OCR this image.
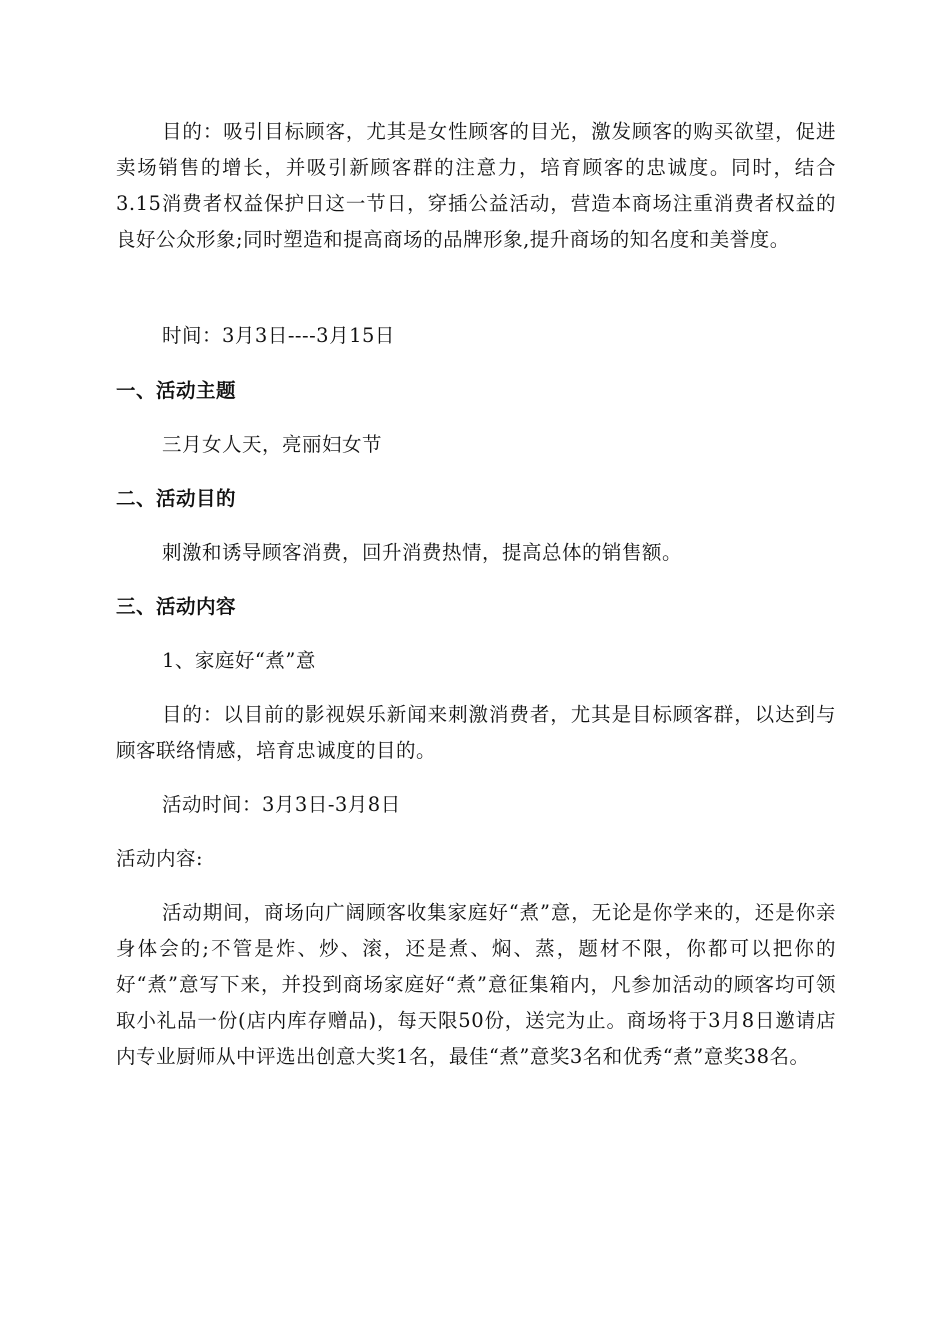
目的：吸引目标顾客，尤其是女性顾客的目光，激发顾客的购买欲望，促进卖场销售的增长，并吸引新顾客群的注意力，培育顾客的忠诚度。同时，结合3.15消费者权益保护日这一节日，穿插公益活动，营造本商场注重消费者权益的良好公众形象;同时塑造和提高商场的品牌形象,提升商场的知名度和美誉度。

时间：3月3日----3月15日

一、活动主题

三月女人天，亮丽妇女节

二、活动目的

刺激和诱导顾客消费，回升消费热情，提高总体的销售额。

三、活动内容

1、家庭好“煮”意

目的：以目前的影视娱乐新闻来刺激消费者，尤其是目标顾客群，以达到与顾客联络情感，培育忠诚度的目的。

活动时间：3月3日-3月8日

活动内容:

活动期间，商场向广阔顾客收集家庭好“煮”意，无论是你学来的，还是你亲身体会的;不管是炸、炒、滚，还是煮、焖、蒸，题材不限，你都可以把你的好“煮”意写下来，并投到商场家庭好“煮”意征集箱内，凡参加活动的顾客均可领取小礼品一份(店内库存赠品)，每天限50份，送完为止。商场将于3月8日邀请店内专业厨师从中评选出创意大奖1名，最佳“煮”意奖3名和优秀“煮”意奖38名。
